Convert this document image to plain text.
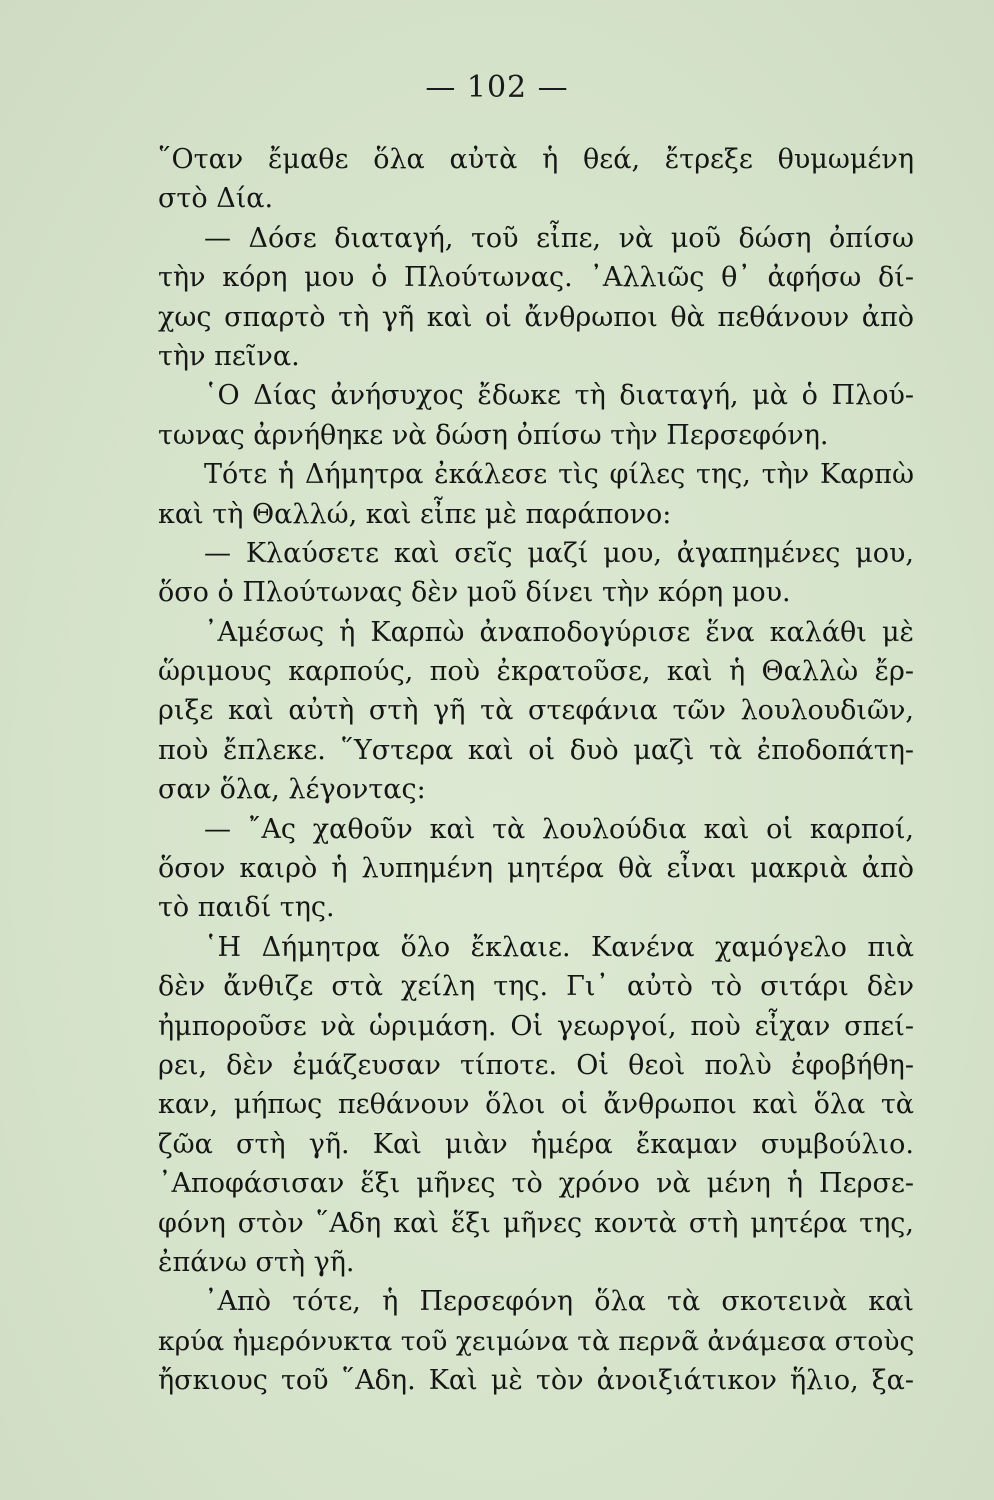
— 102 —
῞Οταν ἔμαθε ὅλα αὐτὰ ἡ θεά, ἔτρεξε θυμωμένη
στὸ Δία.
— Δόσε διαταγή, τοῦ εἶπε, νὰ μοῦ δώση ὀπίσω
τὴν κόρη μου ὁ Πλούτωνας. ᾿Αλλιῶς θ᾿ ἀφήσω δί-
χως σπαρτὸ τὴ γῆ καὶ οἱ ἄνθρωποι θὰ πεθάνουν ἀπὸ
τὴν πεῖνα.
῾Ο Δίας ἀνήσυχος ἔδωκε τὴ διαταγή, μὰ ὁ Πλού-
τωνας ἀρνήθηκε νὰ δώση ὀπίσω τὴν Περσεφόνη.
Τότε ἡ Δήμητρα ἐκάλεσε τὶς φίλες της, τὴν Καρπὼ
καὶ τὴ Θαλλώ, καὶ εἶπε μὲ παράπονο:
— Κλαύσετε καὶ σεῖς μαζί μου, ἀγαπημένες μου,
ὅσο ὁ Πλούτωνας δὲν μοῦ δίνει τὴν κόρη μου.
᾿Αμέσως ἡ Καρπὼ ἀναποδογύρισε ἕνα καλάθι μὲ
ὥριμους καρπούς, ποὺ ἐκρατοῦσε, καὶ ἡ Θαλλὼ ἔρ-
ριξε καὶ αὐτὴ στὴ γῆ τὰ στεφάνια τῶν λουλουδιῶν,
ποὺ ἔπλεκε. ῞Υστερα καὶ οἱ δυὸ μαζὶ τὰ ἐποδοπάτη-
σαν ὅλα, λέγοντας:
— ῎Ας χαθοῦν καὶ τὰ λουλούδια καὶ οἱ καρποί,
ὅσον καιρὸ ἡ λυπημένη μητέρα θὰ εἶναι μακριὰ ἀπὸ
τὸ παιδί της.
῾Η Δήμητρα ὅλο ἔκλαιε. Κανένα χαμόγελο πιὰ
δὲν ἄνθιζε στὰ χείλη της. Γι᾿ αὐτὸ τὸ σιτάρι δὲν
ἠμποροῦσε νὰ ὡριμάση. Οἱ γεωργοί, ποὺ εἶχαν σπεί-
ρει, δὲν ἐμάζευσαν τίποτε. Οἱ θεοὶ πολὺ ἐφοβήθη-
καν, μήπως πεθάνουν ὅλοι οἱ ἄνθρωποι καὶ ὅλα τὰ
ζῶα στὴ γῆ. Καὶ μιὰν ἡμέρα ἔκαμαν συμβούλιο.
᾿Αποφάσισαν ἕξι μῆνες τὸ χρόνο νὰ μένη ἡ Περσε-
φόνη στὸν ῞Αδη καὶ ἕξι μῆνες κοντὰ στὴ μητέρα της,
ἐπάνω στὴ γῆ.
᾿Απὸ τότε, ἡ Περσεφόνη ὅλα τὰ σκοτεινὰ καὶ
κρύα ἡμερόνυκτα τοῦ χειμώνα τὰ περνᾶ ἀνάμεσα στοὺς
ἤσκιους τοῦ ῞Αδη. Καὶ μὲ τὸν ἀνοιξιάτικον ἥλιο, ξα-
